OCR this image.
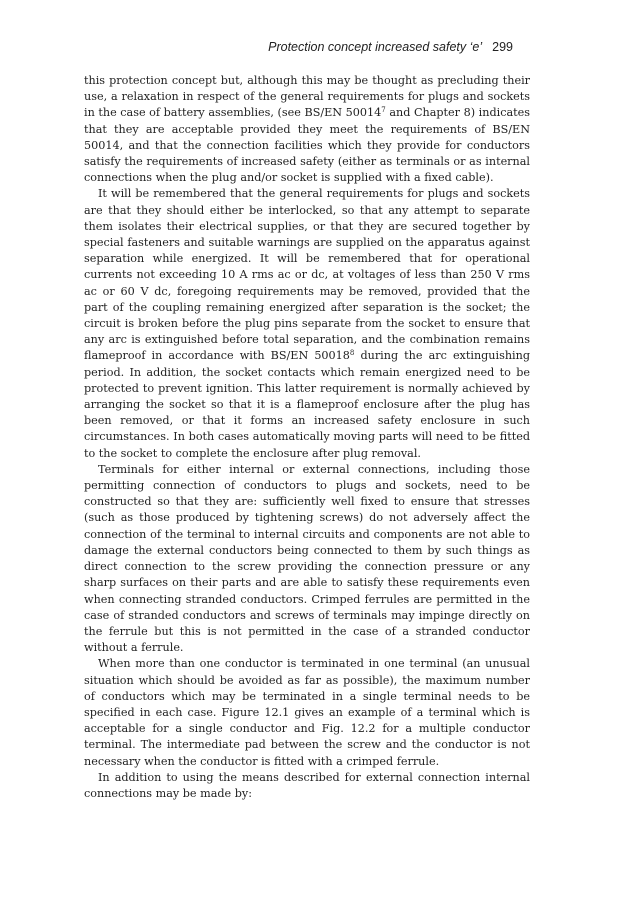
Protection concept increased safety ‘e’ 299

this protection concept but, although this may be thought as precluding their use, a relaxation in respect of the general requirements for plugs and sockets in the case of battery assemblies, (see BS/EN 50014$^7$ and Chapter 8) indicates that they are acceptable provided they meet the requirements of BS/EN 50014, and that the connection facilities which they provide for conductors satisfy the requirements of increased safety (either as terminals or as internal connections when the plug and/or socket is supplied with a fixed cable).

It will be remembered that the general requirements for plugs and sockets are that they should either be interlocked, so that any attempt to separate them isolates their electrical supplies, or that they are secured together by special fasteners and suitable warnings are supplied on the apparatus against separation while energized. It will be remembered that for operational currents not exceeding 10 A rms ac or dc, at voltages of less than 250 V rms ac or 60 V dc, foregoing requirements may be removed, provided that the part of the coupling remaining energized after separation is the socket; the circuit is broken before the plug pins separate from the socket to ensure that any arc is extinguished before total separation, and the combination remains flameproof in accordance with BS/EN 50018$^8$ during the arc extinguishing period. In addition, the socket contacts which remain energized need to be protected to prevent ignition. This latter requirement is normally achieved by arranging the socket so that it is a flameproof enclosure after the plug has been removed, or that it forms an increased safety enclosure in such circumstances. In both cases automatically moving parts will need to be fitted to the socket to complete the enclosure after plug removal.

Terminals for either internal or external connections, including those permitting connection of conductors to plugs and sockets, need to be constructed so that they are: sufficiently well fixed to ensure that stresses (such as those produced by tightening screws) do not adversely affect the connection of the terminal to internal circuits and components are not able to damage the external conductors being connected to them by such things as direct connection to the screw providing the connection pressure or any sharp surfaces on their parts and are able to satisfy these requirements even when connecting stranded conductors. Crimped ferrules are permitted in the case of stranded conductors and screws of terminals may impinge directly on the ferrule but this is not permitted in the case of a stranded conductor without a ferrule.

When more than one conductor is terminated in one terminal (an unusual situation which should be avoided as far as possible), the maximum number of conductors which may be terminated in a single terminal needs to be specified in each case. Figure 12.1 gives an example of a terminal which is acceptable for a single conductor and Fig. 12.2 for a multiple conductor terminal. The intermediate pad between the screw and the conductor is not necessary when the conductor is fitted with a crimped ferrule.

In addition to using the means described for external connection internal connections may be made by:
